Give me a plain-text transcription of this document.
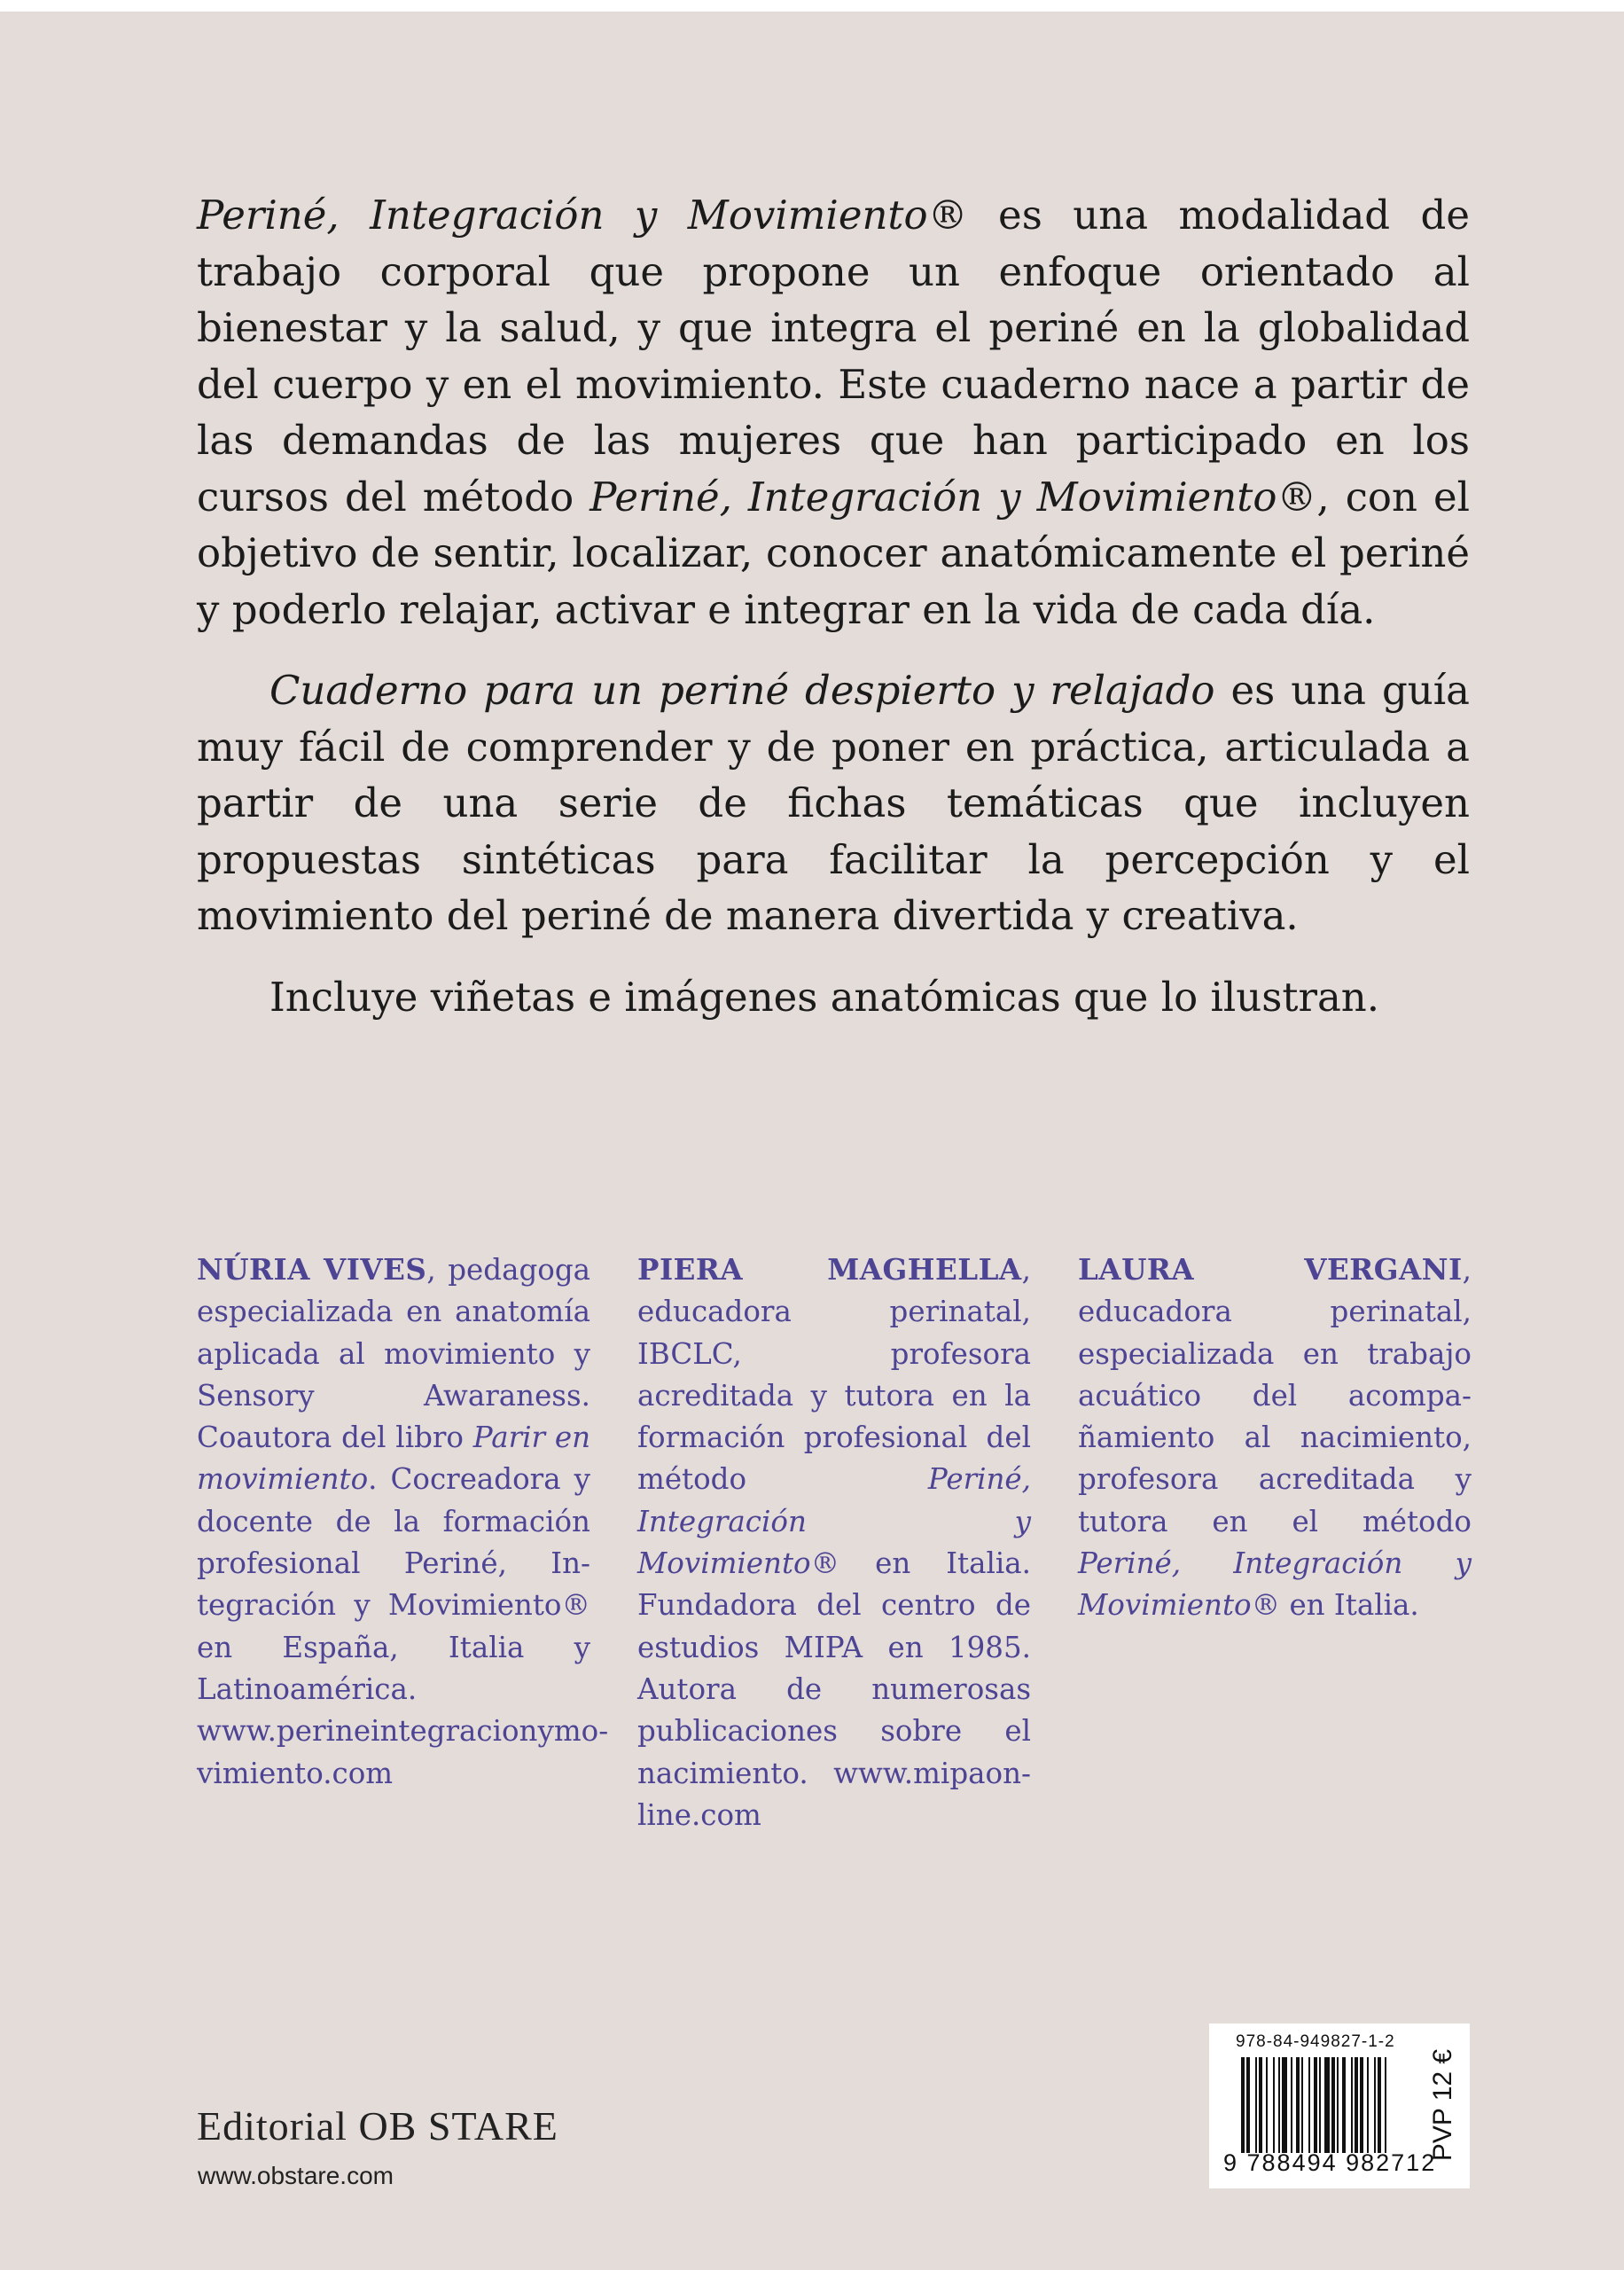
Periné, Integración y Movimiento® es una modalidad de trabajo corporal que propone un enfoque orientado al bienestar y la salud, y que integra el periné en la globalidad del cuerpo y en el movimiento. Este cuaderno nace a partir de las demandas de las mujeres que han participado en los cursos del método Periné, Integración y Movimiento®, con el objetivo de sentir, localizar, conocer anatómicamente el periné y poderlo relajar, activar e integrar en la vida de cada día.

Cuaderno para un periné despierto y relajado es una guía muy fácil de comprender y de poner en práctica, articulada a partir de una serie de fichas temáticas que incluyen propuestas sintéticas para facilitar la percepción y el movimiento del periné de manera divertida y creativa.

Incluye viñetas e imágenes anatómicas que lo ilustran.

NÚRIA VIVES, pedagoga especializada en anatomía aplicada al movimiento y Sensory Awaraness. Coautora del libro Parir en movimiento. Cocreadora y docente de la formación profesional Periné, Integración y Movimiento® en España, Italia y Latinoamérica. www.perineintegracionymovimiento.com
PIERA MAGHELLA, educadora perinatal, IBCLC, profesora acreditada y tutora en la formación profesional del método Periné, Integración y Movimiento® en Italia. Fundadora del centro de estudios MIPA en 1985. Autora de numerosas publicaciones sobre el nacimiento. www.mipaonline.com
LAURA VERGANI, educadora perinatal, especializada en trabajo acuático del acompañamiento al nacimiento, profesora acreditada y tutora en el método Periné, Integración y Movimiento® en Italia.
Editorial OB STARE
www.obstare.com
978-84-949827-1-2
9 788494 982712
PVP 12 €
